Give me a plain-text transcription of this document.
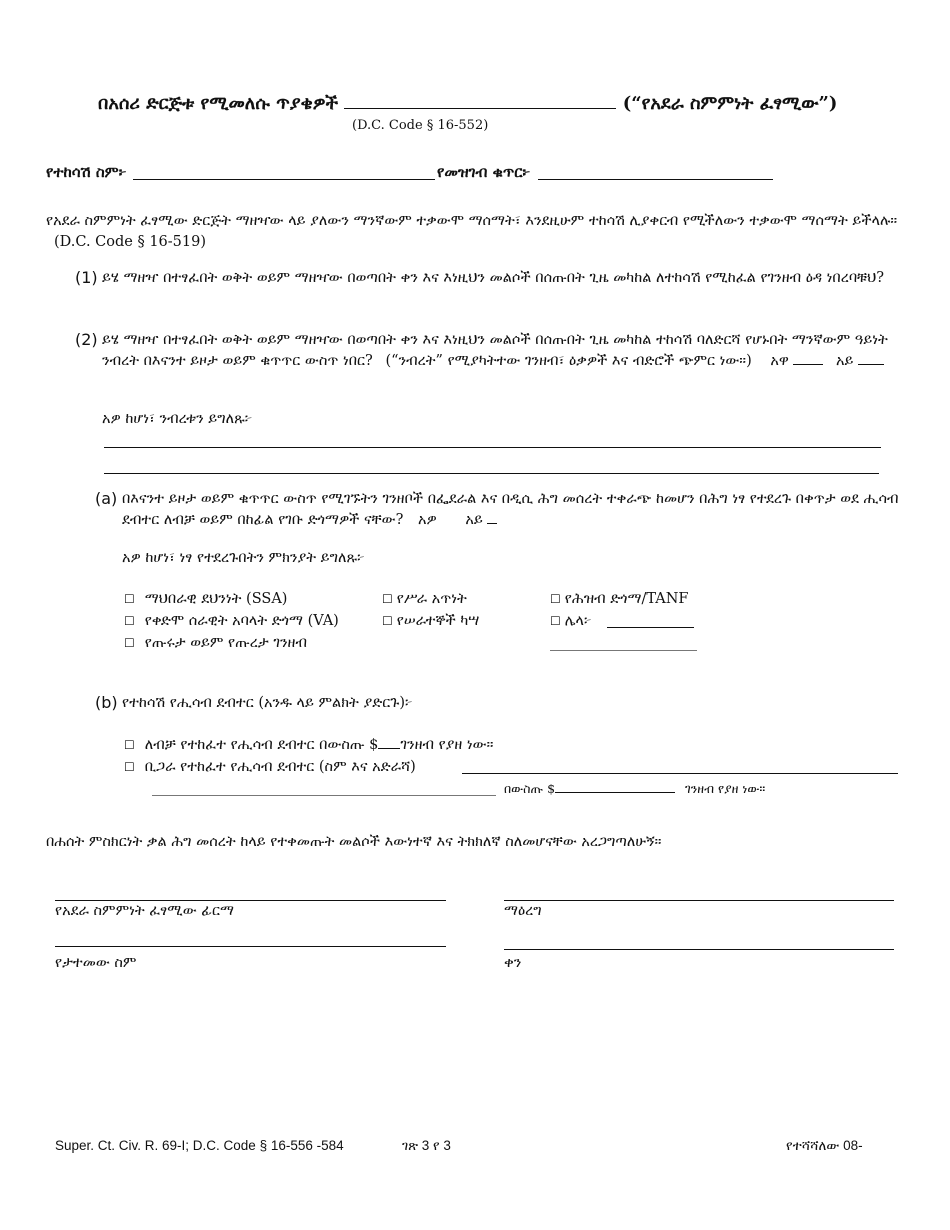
በአሰሪ ድርጅቱ የሚመለሱ ጥያቄዎች	(“የአደራ ስምምነት ፈፃሚው”)
(D.C. Code § 16-552)
የተከሳሽ ስም፦	የመዝገብ ቁጥር፦
የአደራ ስምምነት ፈፃሚው ድርጅት ማዘዣው ላይ ያለውን ማንኛውም ተቃውሞ ማሰማት፣ እንደዚሁም ተከሳሽ ሊያቀርብ የሚችለውን ተቃውሞ ማሰማት ይችላሉ። (D.C. Code § 16-519)
(1) ይሄ ማዘዣ በተፃፈበት ወቅት ወይም ማዘዣው በወጣበት ቀን እና እነዚህን መልሶች በሰጡበት ጊዜ መካከል ለተከሳሽ የሚከፈል የገንዘብ ዕዳ ነበረባቹህ?
(2) ይሄ ማዘዣ በተፃፈበት ወቅት ወይም ማዘዣው በወጣበት ቀን እና እነዚህን መልሶች በሰጡበት ጊዜ መካከል ተከሳሽ ባለድርሻ የሆኑበት ማንኛውም ዓይነት ንብረት በእናንተ ይዞታ ወይም ቁጥጥር ውስጥ ነበር? (“ንብረት” የሚያካትተው ገንዘብ፣ ዕቃዎች እና ብድሮች ጭምር ነው።) አዋ	አይ
አዎ ከሆነ፣ ንብረቱን ይግለጹ፦
(a) በእናንተ ይዞታ ወይም ቁጥጥር ውስጥ የሚገኙትን ገንዘቦች በፌደራል እና በዲሲ ሕግ መሰረት ተቀራጭ ከመሆን በሕግ ነፃ የተደረጉ በቀጥታ ወደ ሒሳብ ደብተር ለብቻ ወይም በከፊል የገቡ ድጎማዎች ናቸው? አዎ አይ
አዎ ከሆነ፣ ነፃ የተደረጉበትን ምክንያት ይግለጹ፦
☐ ማህበራዊ ደህንነት (SSA)	☐ የሥራ አጥነት	☐ የሕዝብ ድጎማ/TANF
☐ የቀድሞ ሰራዊት አባላት ድጎማ (VA)	☐ የሠራተኞች ካሣ	☐ ሌላ፦
☐ የጡሩታ ወይም የጡረታ ገንዘብ
(b) የተከሳሽ የሒሳብ ደብተር (አንዱ ላይ ምልክት ያድርጉ)፦
☐ ለብቻ የተከፈተ የሒሳብ ደብተር በውስጡ $ ገንዘብ የያዘ ነው።
☐ ቢጋራ የተከፈተ የሒሳብ ደብተር (ስም እና አድራሻ)
በውስጡ $	ገንዘብ የያዘ ነው።
በሐሰት ምስክርነት ቃል ሕግ መሰረት ከላይ የተቀመጡት መልሶች እውነተኛ እና ትክክለኛ ስለመሆናቸው አረጋግጣለሁኝ።
የአደራ ስምምነት ፈፃሚው ፊርማ	ማዕረግ
የታተመው ስም	ቀን
Super. Ct. Civ. R. 69-I; D.C. Code § 16-556 -584	ገጽ 3 የ 3	የተሻሻለው 08-
